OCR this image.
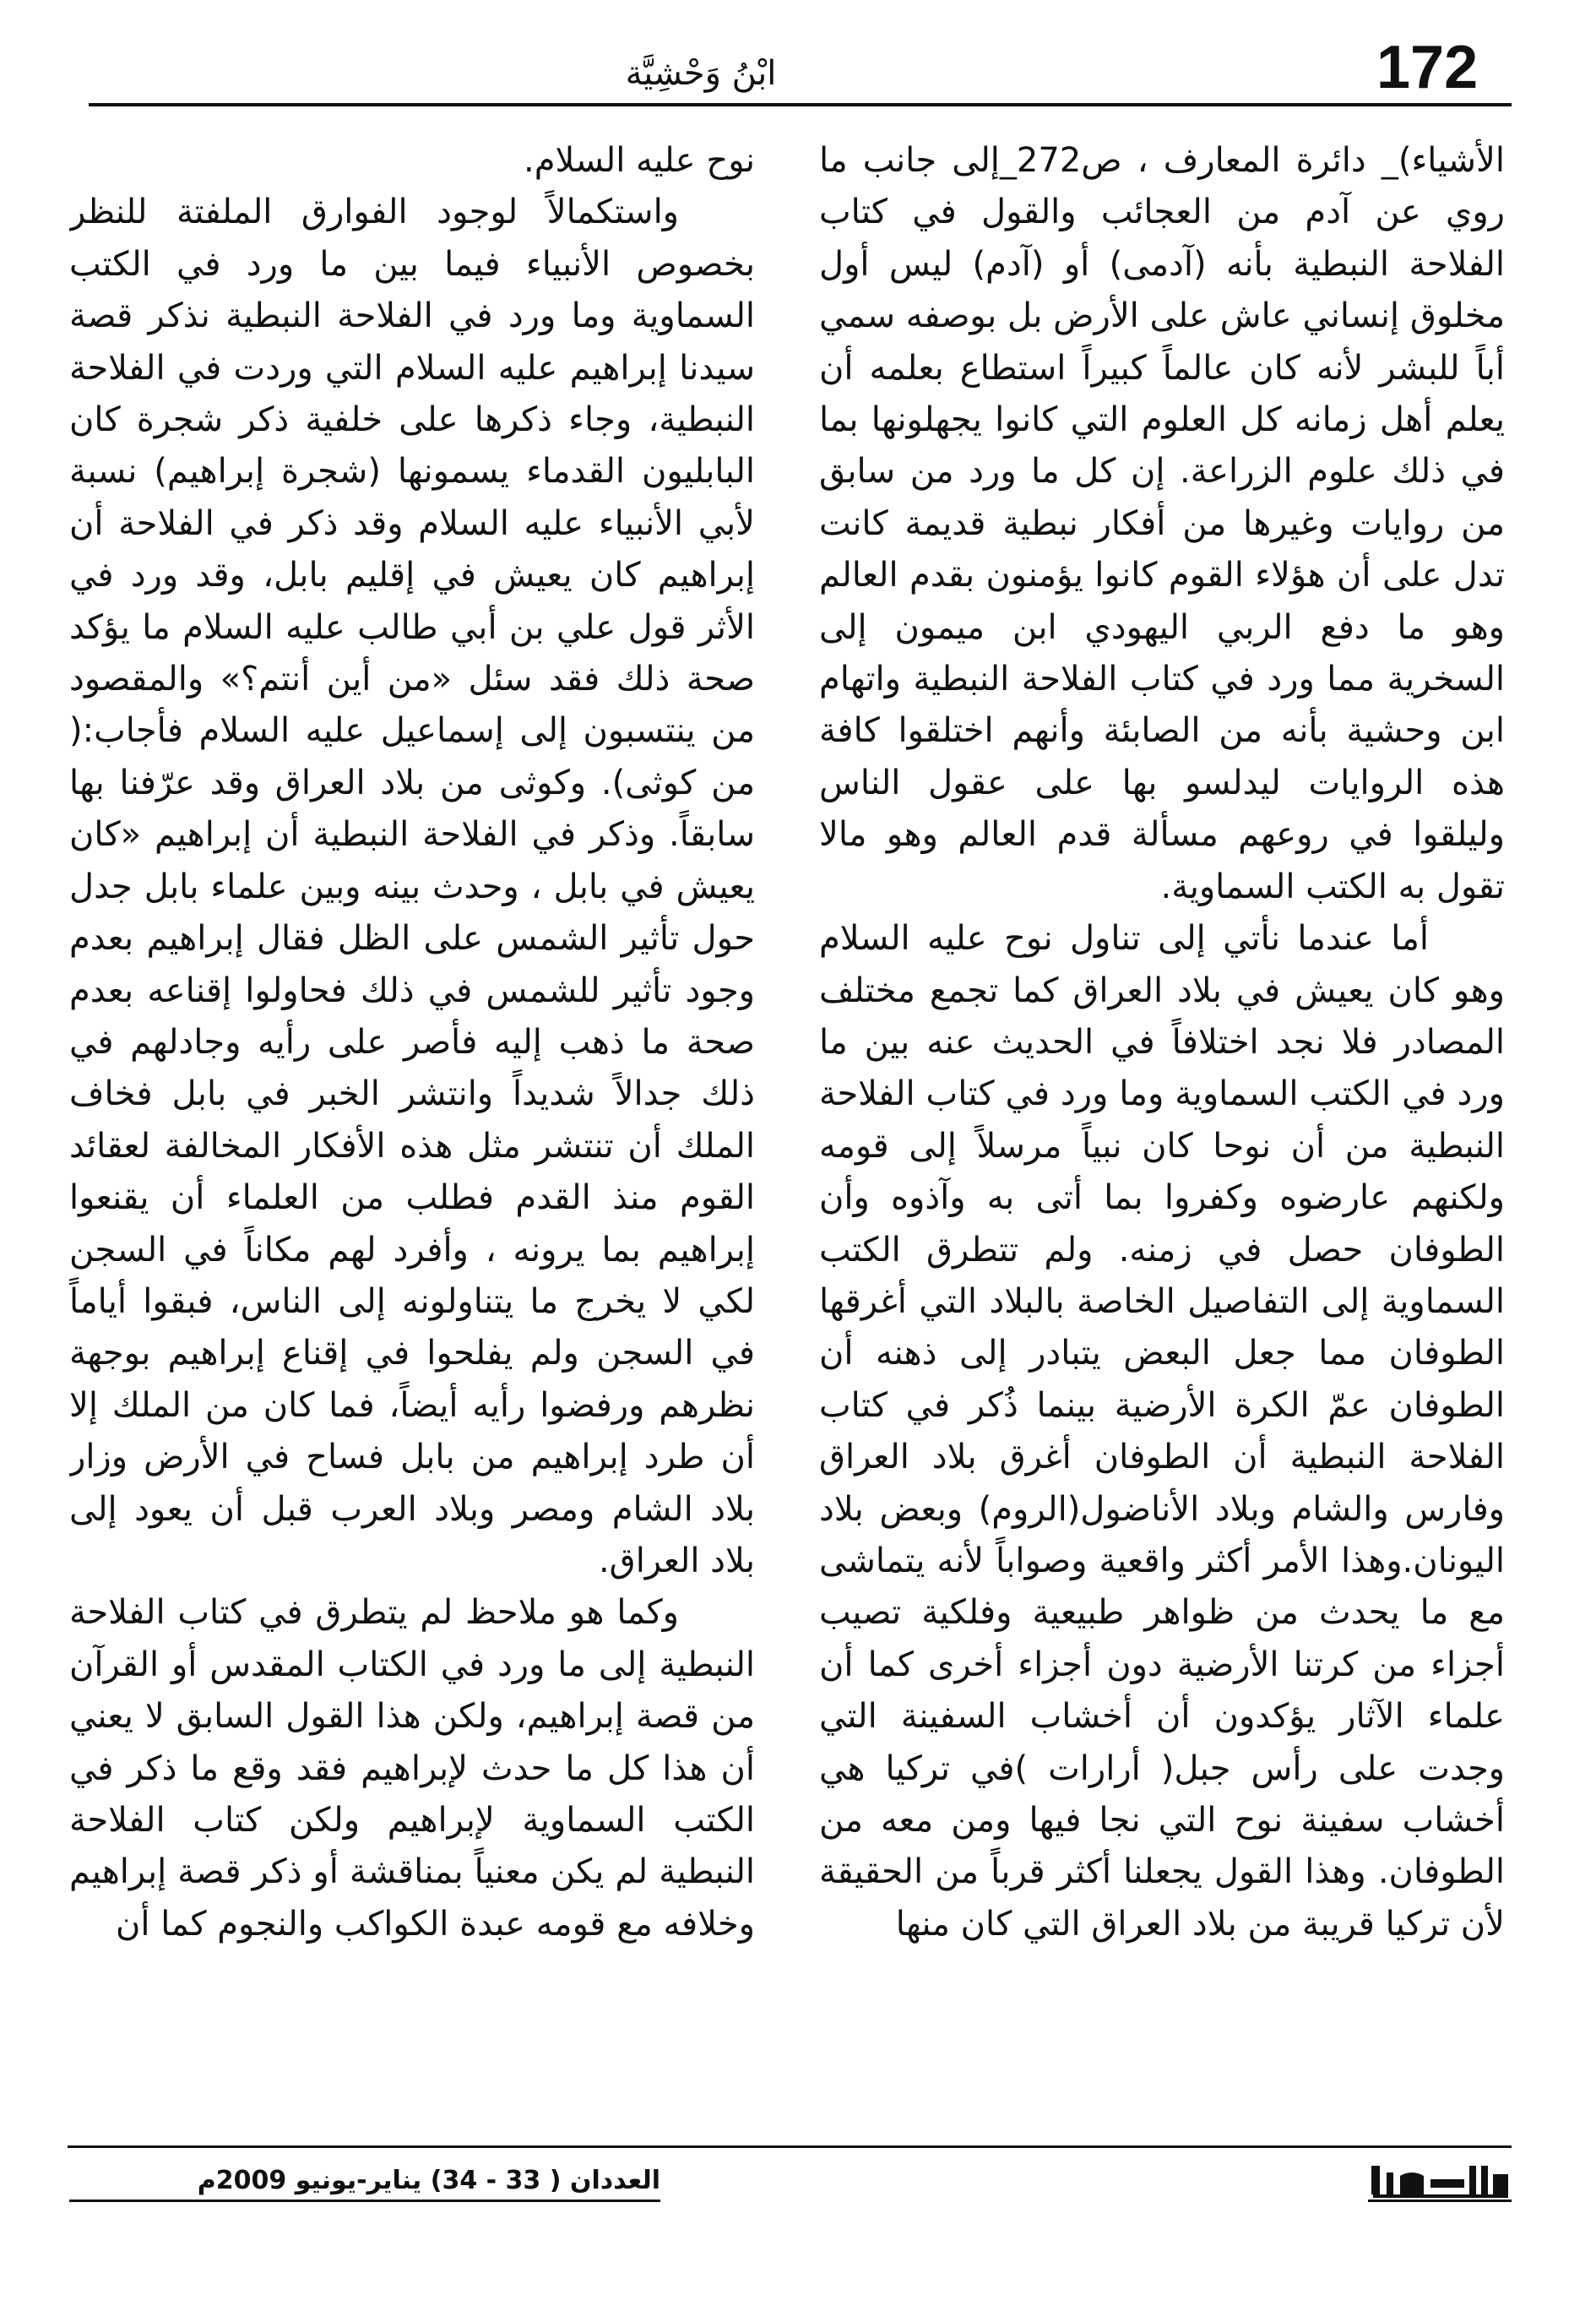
172
ابْنُ وَحْشِيَّة

الأشياء)_ دائرة المعارف ، ص272_إلى جانب ما روي عن آدم من العجائب والقول في كتاب الفلاحة النبطية بأنه (آدمى) أو (آدم) ليس أول مخلوق إنساني عاش على الأرض بل بوصفه سمي أباً للبشر لأنه كان عالماً كبيراً استطاع بعلمه أن يعلم أهل زمانه كل العلوم التي كانوا يجهلونها بما في ذلك علوم الزراعة. إن كل ما ورد من سابق من روايات وغيرها من أفكار نبطية قديمة كانت تدل على أن هؤلاء القوم كانوا يؤمنون بقدم العالم وهو ما دفع الربي اليهودي ابن ميمون إلى السخرية مما ورد في كتاب الفلاحة النبطية واتهام ابن وحشية بأنه من الصابئة وأنهم اختلقوا كافة هذه الروايات ليدلسو بها على عقول الناس وليلقوا في روعهم مسألة قدم العالم وهو مالا تقول به الكتب السماوية.

أما عندما نأتي إلى تناول نوح عليه السلام وهو كان يعيش في بلاد العراق كما تجمع مختلف المصادر فلا نجد اختلافاً في الحديث عنه بين ما ورد في الكتب السماوية وما ورد في كتاب الفلاحة النبطية من أن نوحا كان نبياً مرسلاً إلى قومه ولكنهم عارضوه وكفروا بما أتى به وآذوه وأن الطوفان حصل في زمنه. ولم تتطرق الكتب السماوية إلى التفاصيل الخاصة بالبلاد التي أغرقها الطوفان مما جعل البعض يتبادر إلى ذهنه أن الطوفان عمّ الكرة الأرضية بينما ذُكر في كتاب الفلاحة النبطية أن الطوفان أغرق بلاد العراق وفارس والشام وبلاد الأناضول(الروم) وبعض بلاد اليونان.وهذا الأمر أكثر واقعية وصواباً لأنه يتماشى مع ما يحدث من ظواهر طبيعية وفلكية تصيب أجزاء من كرتنا الأرضية دون أجزاء أخرى كما أن علماء الآثار يؤكدون أن أخشاب السفينة التي وجدت على رأس جبل( أرارات )في تركيا هي أخشاب سفينة نوح التي نجا فيها ومن معه من الطوفان. وهذا القول يجعلنا أكثر قرباً من الحقيقة لأن تركيا قريبة من بلاد العراق التي كان منها

نوح عليه السلام.

واستكمالاً لوجود الفوارق الملفتة للنظر بخصوص الأنبياء فيما بين ما ورد في الكتب السماوية وما ورد في الفلاحة النبطية نذكر قصة سيدنا إبراهيم عليه السلام التي وردت في الفلاحة النبطية، وجاء ذكرها على خلفية ذكر شجرة كان البابليون القدماء يسمونها (شجرة إبراهيم) نسبة لأبي الأنبياء عليه السلام وقد ذكر في الفلاحة أن إبراهيم كان يعيش في إقليم بابل، وقد ورد في الأثر قول علي بن أبي طالب عليه السلام ما يؤكد صحة ذلك فقد سئل «من أين أنتم؟» والمقصود من ينتسبون إلى إسماعيل عليه السلام فأجاب:( من كوثى). وكوثى من بلاد العراق وقد عرّفنا بها سابقاً. وذكر في الفلاحة النبطية أن إبراهيم «كان يعيش في بابل ، وحدث بينه وبين علماء بابل جدل حول تأثير الشمس على الظل فقال إبراهيم بعدم وجود تأثير للشمس في ذلك فحاولوا إقناعه بعدم صحة ما ذهب إليه فأصر على رأيه وجادلهم في ذلك جدالاً شديداً وانتشر الخبر في بابل فخاف الملك أن تنتشر مثل هذه الأفكار المخالفة لعقائد القوم منذ القدم فطلب من العلماء أن يقنعوا إبراهيم بما يرونه ، وأفرد لهم مكاناً في السجن لكي لا يخرج ما يتناولونه إلى الناس، فبقوا أياماً في السجن ولم يفلحوا في إقناع إبراهيم بوجهة نظرهم ورفضوا رأيه أيضاً، فما كان من الملك إلا أن طرد إبراهيم من بابل فساح في الأرض وزار بلاد الشام ومصر وبلاد العرب قبل أن يعود إلى بلاد العراق.

وكما هو ملاحظ لم يتطرق في كتاب الفلاحة النبطية إلى ما ورد في الكتاب المقدس أو القرآن من قصة إبراهيم، ولكن هذا القول السابق لا يعني أن هذا كل ما حدث لإبراهيم فقد وقع ما ذكر في الكتب السماوية لإبراهيم ولكن كتاب الفلاحة النبطية لم يكن معنياً بمناقشة أو ذكر قصة إبراهيم وخلافه مع قومه عبدة الكواكب والنجوم كما أن

العددان ( 33 - 34) يناير-يونيو 2009م
